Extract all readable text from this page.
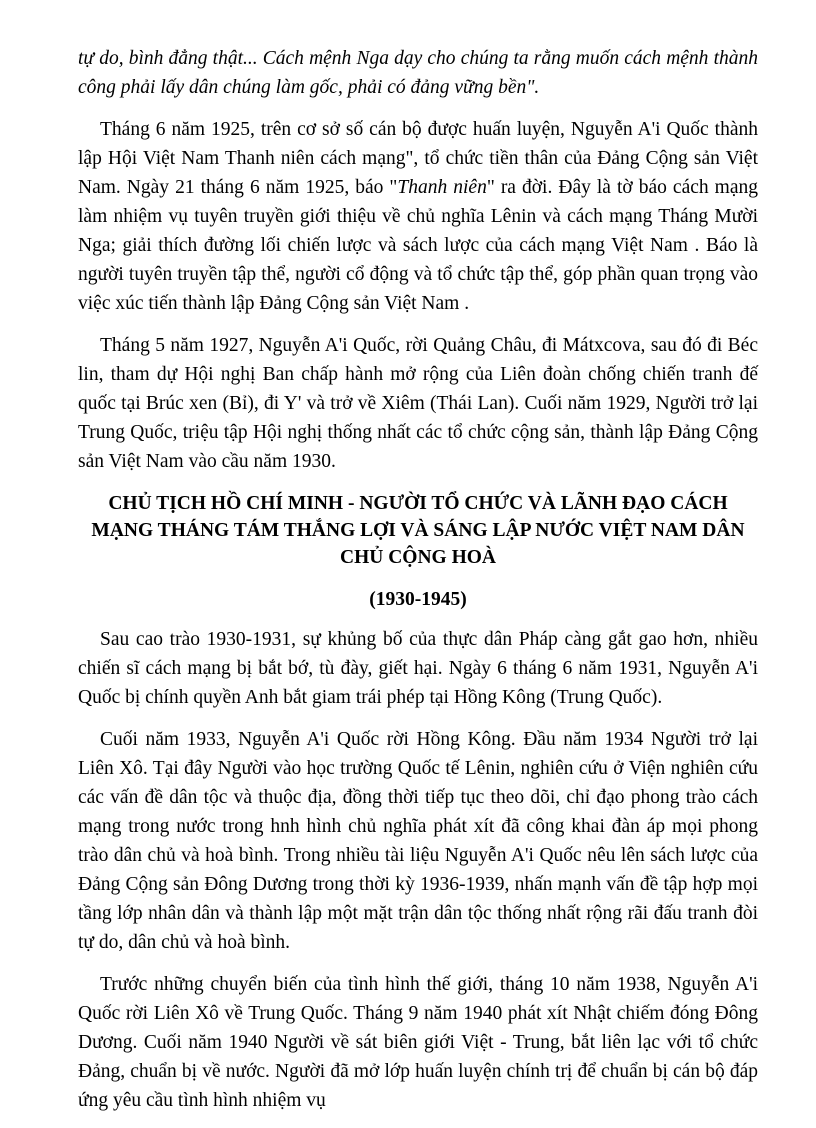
tự do, bình đẳng thật... Cách mệnh Nga dạy cho chúng ta rằng muốn cách mệnh thành công phải lấy dân chúng làm gốc, phải có đảng vững bền".

Tháng 6 năm 1925, trên cơ sở số cán bộ được huấn luyện, Nguyễn A'i Quốc thành lập Hội Việt Nam Thanh niên cách mạng", tổ chức tiền thân của Đảng Cộng sản Việt Nam. Ngày 21 tháng 6 năm 1925, báo "Thanh niên" ra đời. Đây là tờ báo cách mạng làm nhiệm vụ tuyên truyền giới thiệu về chủ nghĩa Lênin và cách mạng Tháng Mười Nga; giải thích đường lối chiến lược và sách lược của cách mạng Việt Nam . Báo là người tuyên truyền tập thể, người cổ động và tổ chức tập thể, góp phần quan trọng vào việc xúc tiến thành lập Đảng Cộng sản Việt Nam .

Tháng 5 năm 1927, Nguyễn A'i Quốc, rời Quảng Châu, đi Mátxcova, sau đó đi Béc lin, tham dự Hội nghị Ban chấp hành mở rộng của Liên đoàn chống chiến tranh đế quốc tại Brúc xen (Bỉ), đi Y' và trở về Xiêm (Thái Lan). Cuối năm 1929, Người trở lại Trung Quốc, triệu tập Hội nghị thống nhất các tổ chức cộng sản, thành lập Đảng Cộng sản Việt Nam vào cầu năm 1930.

CHỦ TỊCH HỒ CHÍ MINH - NGƯỜI TỔ CHỨC VÀ LÃNH ĐẠO CÁCH MẠNG THÁNG TÁM THẮNG LỢI VÀ SÁNG LẬP NƯỚC VIỆT NAM DÂN CHỦ CỘNG HOÀ
(1930-1945)

Sau cao trào 1930-1931, sự khủng bố của thực dân Pháp càng gắt gao hơn, nhiều chiến sĩ cách mạng bị bắt bớ, tù đày, giết hại. Ngày 6 tháng 6 năm 1931, Nguyễn A'i Quốc bị chính quyền Anh bắt giam trái phép tại Hồng Kông (Trung Quốc).

Cuối năm 1933, Nguyễn A'i Quốc rời Hồng Kông. Đầu năm 1934 Người trở lại Liên Xô. Tại đây Người vào học trường Quốc tế Lênin, nghiên cứu ở Viện nghiên cứu các vấn đề dân tộc và thuộc địa, đồng thời tiếp tục theo dõi, chỉ đạo phong trào cách mạng trong nước trong hnh hình chủ nghĩa phát xít đã công khai đàn áp mọi phong trào dân chủ và hoà bình. Trong nhiều tài liệu Nguyễn A'i Quốc nêu lên sách lược của Đảng Cộng sản Đông Dương trong thời kỳ 1936-1939, nhấn mạnh vấn đề tập hợp mọi tầng lớp nhân dân và thành lập một mặt trận dân tộc thống nhất rộng rãi đấu tranh đòi tự do, dân chủ và hoà bình.

Trước những chuyển biến của tình hình thế giới, tháng 10 năm 1938, Nguyễn A'i Quốc rời Liên Xô về Trung Quốc. Tháng 9 năm 1940 phát xít Nhật chiếm đóng Đông Dương. Cuối năm 1940 Người về sát biên giới Việt - Trung, bắt liên lạc với tổ chức Đảng, chuẩn bị về nước. Người đã mở lớp huấn luyện chính trị để chuẩn bị cán bộ đáp ứng yêu cầu tình hình nhiệm vụ
